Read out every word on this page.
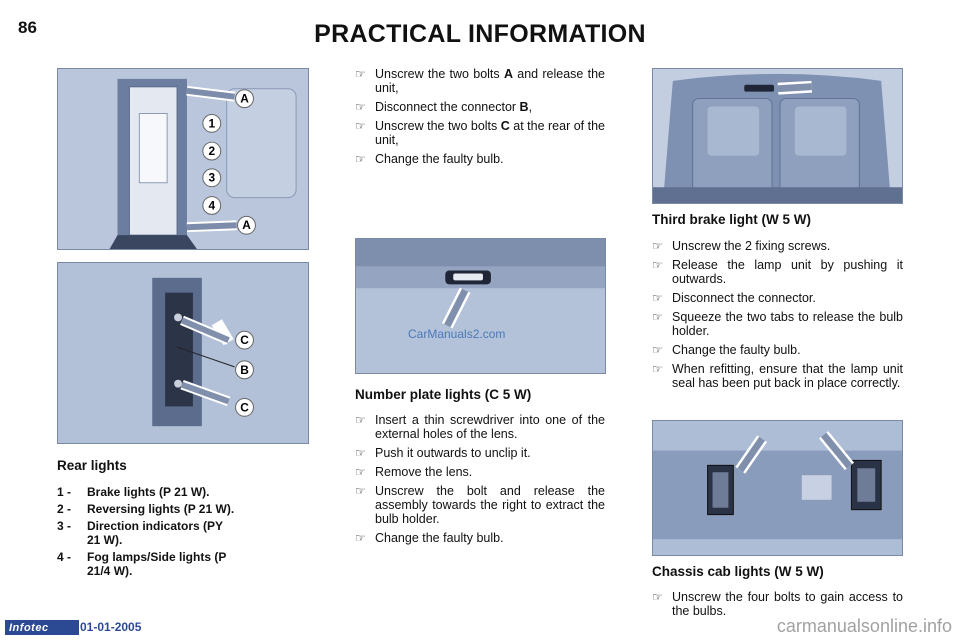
86	PRACTICAL INFORMATION
A
1
2
3
4
A
C
B
C
Rear lights
1 -	Brake lights (P 21 W).
2 -	Reversing lights (P 21 W).
3 -	Direction indicators (PY 21 W).
4 -	Fog lamps/Side lights (P 21/4 W).
☞ Unscrew the two bolts A and release the unit,
☞ Disconnect the connector B,
☞ Unscrew the two bolts C at the rear of the unit,
☞ Change the faulty bulb.
CarManuals2.com
Number plate lights (C 5 W)
☞ Insert a thin screwdriver into one of the external holes of the lens.
☞ Push it outwards to unclip it.
☞ Remove the lens.
☞ Unscrew the bolt and release the assembly towards the right to extract the bulb holder.
☞ Change the faulty bulb.
Third brake light (W 5 W)
☞ Unscrew the 2 fixing screws.
☞ Release the lamp unit by pushing it outwards.
☞ Disconnect the connector.
☞ Squeeze the two tabs to release the bulb holder.
☞ Change the faulty bulb.
☞ When refitting, ensure that the lamp unit seal has been put back in place correctly.
Chassis cab lights (W 5 W)
☞ Unscrew the four bolts to gain access to the bulbs.
Infotec	01-01-2005	carmanualsonline.info
